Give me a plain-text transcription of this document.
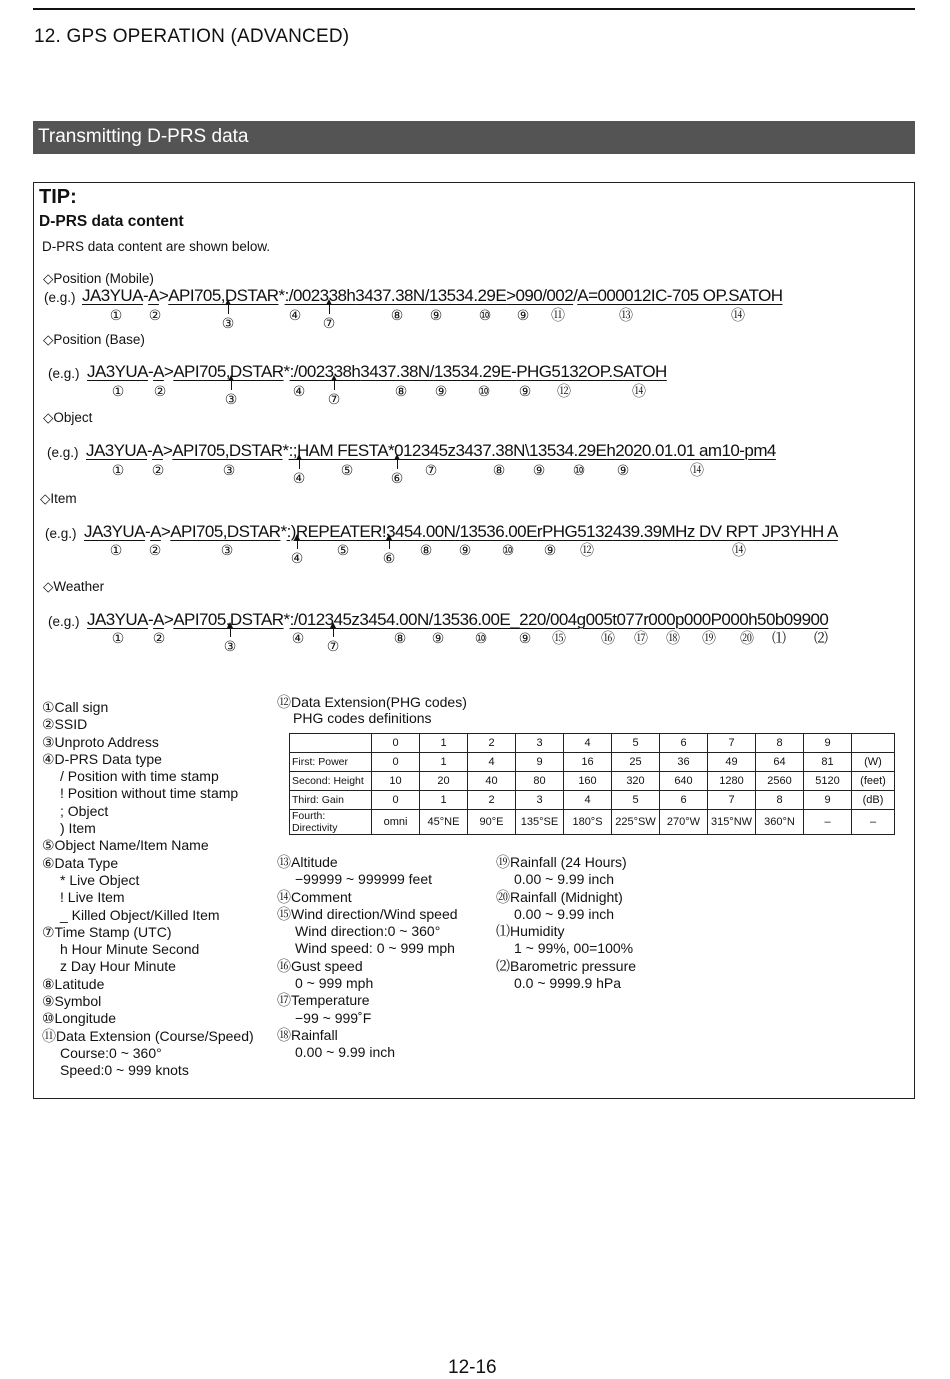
12. GPS OPERATION (ADVANCED)
Transmitting D-PRS data
TIP:
D-PRS data content
D-PRS data content are shown below.
◇Position (Mobile)
(e.g.) JA3YUA-A>API705,DSTAR*:/002338h3437.38N/13534.29E>090/002/A=000012IC-705 OP.SATOH
① ②	③	④ ⑦	⑧ ⑨	⑩ ⑨ ⑪	⑬	⑭
◇Position (Base)
(e.g.) JA3YUA-A>API705,DSTAR*:/002338h3437.38N/13534.29E-PHG5132OP.SATOH
① ②	③	④ ⑦	⑧ ⑨ ⑩ ⑨ ⑫	⑭
◇Object
(e.g.) JA3YUA-A>API705,DSTAR*:;HAM FESTA*012345z3437.38N\13534.29Eh2020.01.01 am10-pm4
① ②	③	④	⑤	⑥ ⑦	⑧ ⑨ ⑩ ⑨	⑭
◇Item
(e.g.) JA3YUA-A>API705,DSTAR*:)REPEATER!3454.00N/13536.00ErPHG5132439.39MHz DV RPT JP3YHH A
① ②	③	④ ⑤ ⑥ ⑧ ⑨ ⑩ ⑨ ⑫	⑭
◇Weather
(e.g.) JA3YUA-A>API705,DSTAR*:/012345z3454.00N/13536.00E_220/004g005t077r000p000P000h50b09900
① ②	③	④ ⑦	⑧ ⑨ ⑩ ⑨ ⑮	⑯ ⑰ ⑱ ⑲ ⑳ ⑴ ⑵
①Call sign
②SSID
③Unproto Address
④D-PRS Data type
/ Position with time stamp
! Position without time stamp
; Object
) Item
⑤Object Name/Item Name
⑥Data Type
* Live Object
! Live Item
_ Killed Object/Killed Item
⑦Time Stamp (UTC)
h Hour Minute Second
z Day Hour Minute
⑧Latitude
⑨Symbol
⑩Longitude
⑪Data Extension (Course/Speed)
Course:0 ~ 360°
Speed:0 ~ 999 knots
⑫Data Extension(PHG codes)
PHG codes definitions
	0	1	2	3	4	5	6	7	8	9	
First: Power	0	1	4	9	16	25	36	49	64	81	(W)
Second: Height	10	20	40	80	160	320	640	1280	2560	5120	(feet)
Third: Gain	0	1	2	3	4	5	6	7	8	9	(dB)
Fourth: Directivity	omni	45°NE	90°E	135°SE	180°S	225°SW	270°W	315°NW	360°N	–	–
⑬Altitude
−99999 ~ 999999 feet
⑭Comment
⑮Wind direction/Wind speed
Wind direction:0 ~ 360°
Wind speed: 0 ~ 999 mph
⑯Gust speed
0 ~ 999 mph
⑰Temperature
−99 ~ 999˚F
⑱Rainfall
0.00 ~ 9.99 inch
⑲Rainfall (24 Hours)
0.00 ~ 9.99 inch
⑳Rainfall (Midnight)
0.00 ~ 9.99 inch
⑴Humidity
1 ~ 99%, 00=100%
⑵Barometric pressure
0.0 ~ 9999.9 hPa
12-16
